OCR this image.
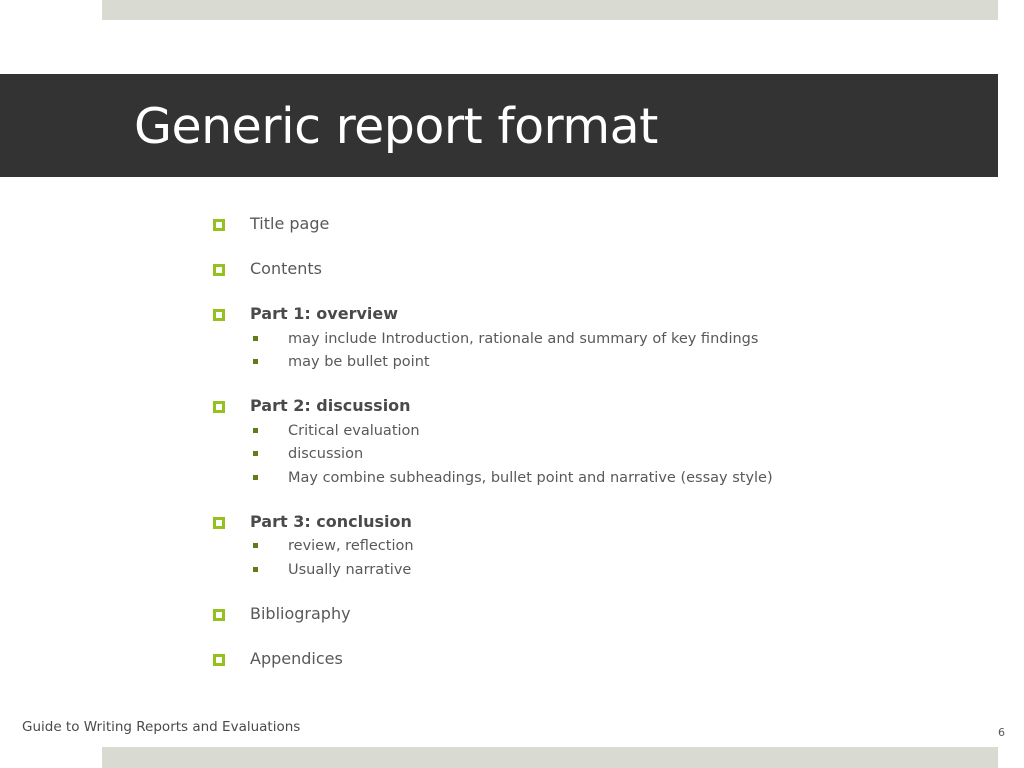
Generic report format
Title page
Contents
Part 1: overview
may include Introduction, rationale and summary of key findings
may be bullet point
Part 2: discussion
Critical evaluation
discussion
May combine subheadings, bullet point and narrative (essay style)
Part 3: conclusion
review, reflection
Usually narrative
Bibliography
Appendices
Guide to Writing Reports and Evaluations	6
